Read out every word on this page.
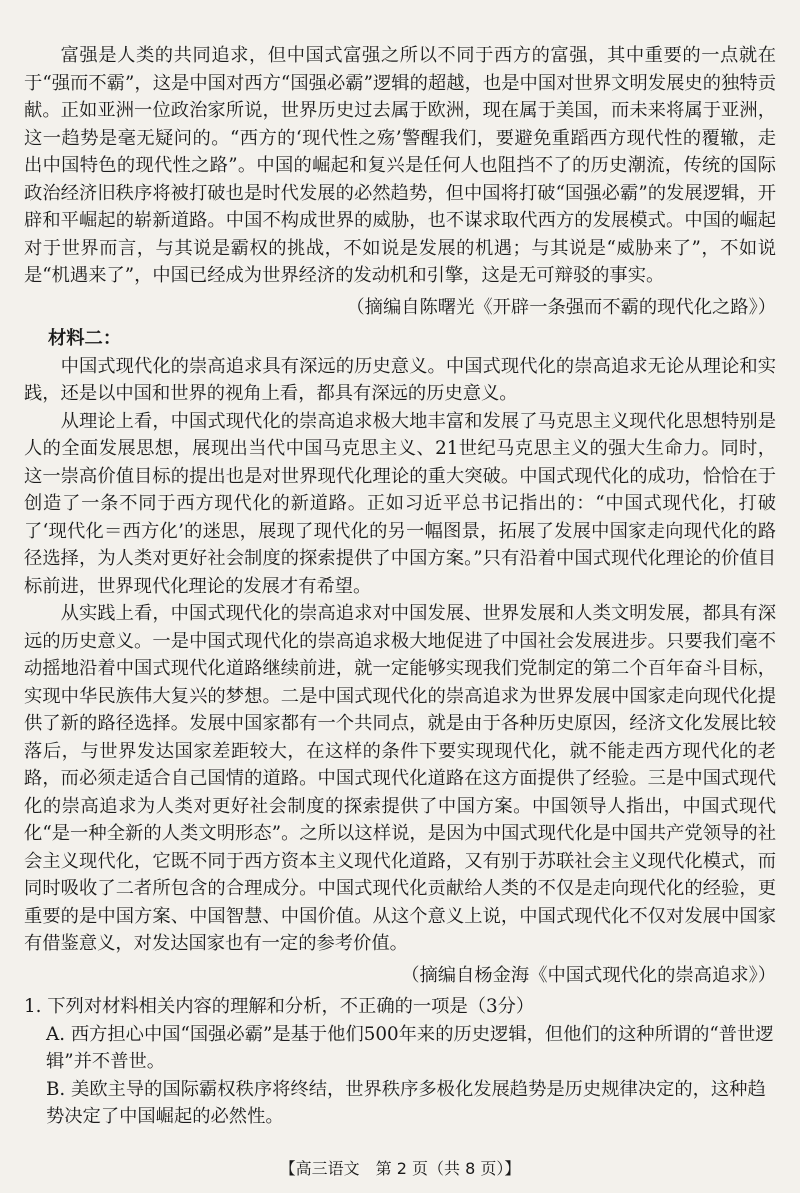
富强是人类的共同追求，但中国式富强之所以不同于西方的富强，其中重要的一点就在于“强而不霸”，这是中国对西方“国强必霸”逻辑的超越，也是中国对世界文明发展史的独特贡献。正如亚洲一位政治家所说，世界历史过去属于欧洲，现在属于美国，而未来将属于亚洲，这一趋势是毫无疑问的。“西方的‘现代性之殇’警醒我们，要避免重蹈西方现代性的覆辙，走出中国特色的现代性之路”。中国的崛起和复兴是任何人也阻挡不了的历史潮流，传统的国际政治经济旧秩序将被打破也是时代发展的必然趋势，但中国将打破“国强必霸”的发展逻辑，开辟和平崛起的崭新道路。中国不构成世界的威胁，也不谋求取代西方的发展模式。中国的崛起对于世界而言，与其说是霸权的挑战，不如说是发展的机遇；与其说是“威胁来了”，不如说是“机遇来了”，中国已经成为世界经济的发动机和引擎，这是无可辩驳的事实。

（摘编自陈曙光《开辟一条强而不霸的现代化之路》）

材料二：

中国式现代化的崇高追求具有深远的历史意义。中国式现代化的崇高追求无论从理论和实践，还是以中国和世界的视角上看，都具有深远的历史意义。

从理论上看，中国式现代化的崇高追求极大地丰富和发展了马克思主义现代化思想特别是人的全面发展思想，展现出当代中国马克思主义、21世纪马克思主义的强大生命力。同时，这一崇高价值目标的提出也是对世界现代化理论的重大突破。中国式现代化的成功，恰恰在于创造了一条不同于西方现代化的新道路。正如习近平总书记指出的：“中国式现代化，打破了‘现代化＝西方化’的迷思，展现了现代化的另一幅图景，拓展了发展中国家走向现代化的路径选择，为人类对更好社会制度的探索提供了中国方案。”只有沿着中国式现代化理论的价值目标前进，世界现代化理论的发展才有希望。

从实践上看，中国式现代化的崇高追求对中国发展、世界发展和人类文明发展，都具有深远的历史意义。一是中国式现代化的崇高追求极大地促进了中国社会发展进步。只要我们毫不动摇地沿着中国式现代化道路继续前进，就一定能够实现我们党制定的第二个百年奋斗目标，实现中华民族伟大复兴的梦想。二是中国式现代化的崇高追求为世界发展中国家走向现代化提供了新的路径选择。发展中国家都有一个共同点，就是由于各种历史原因，经济文化发展比较落后，与世界发达国家差距较大，在这样的条件下要实现现代化，就不能走西方现代化的老路，而必须走适合自己国情的道路。中国式现代化道路在这方面提供了经验。三是中国式现代化的崇高追求为人类对更好社会制度的探索提供了中国方案。中国领导人指出，中国式现代化“是一种全新的人类文明形态”。之所以这样说，是因为中国式现代化是中国共产党领导的社会主义现代化，它既不同于西方资本主义现代化道路，又有别于苏联社会主义现代化模式，而同时吸收了二者所包含的合理成分。中国式现代化贡献给人类的不仅是走向现代化的经验，更重要的是中国方案、中国智慧、中国价值。从这个意义上说，中国式现代化不仅对发展中国家有借鉴意义，对发达国家也有一定的参考价值。

（摘编自杨金海《中国式现代化的崇高追求》）

1. 下列对材料相关内容的理解和分析，不正确的一项是（3分）

A. 西方担心中国“国强必霸”是基于他们500年来的历史逻辑，但他们的这种所谓的“普世逻辑”并不普世。

B. 美欧主导的国际霸权秩序将终结，世界秩序多极化发展趋势是历史规律决定的，这种趋势决定了中国崛起的必然性。

【高三语文　第 2 页（共 8 页）】
